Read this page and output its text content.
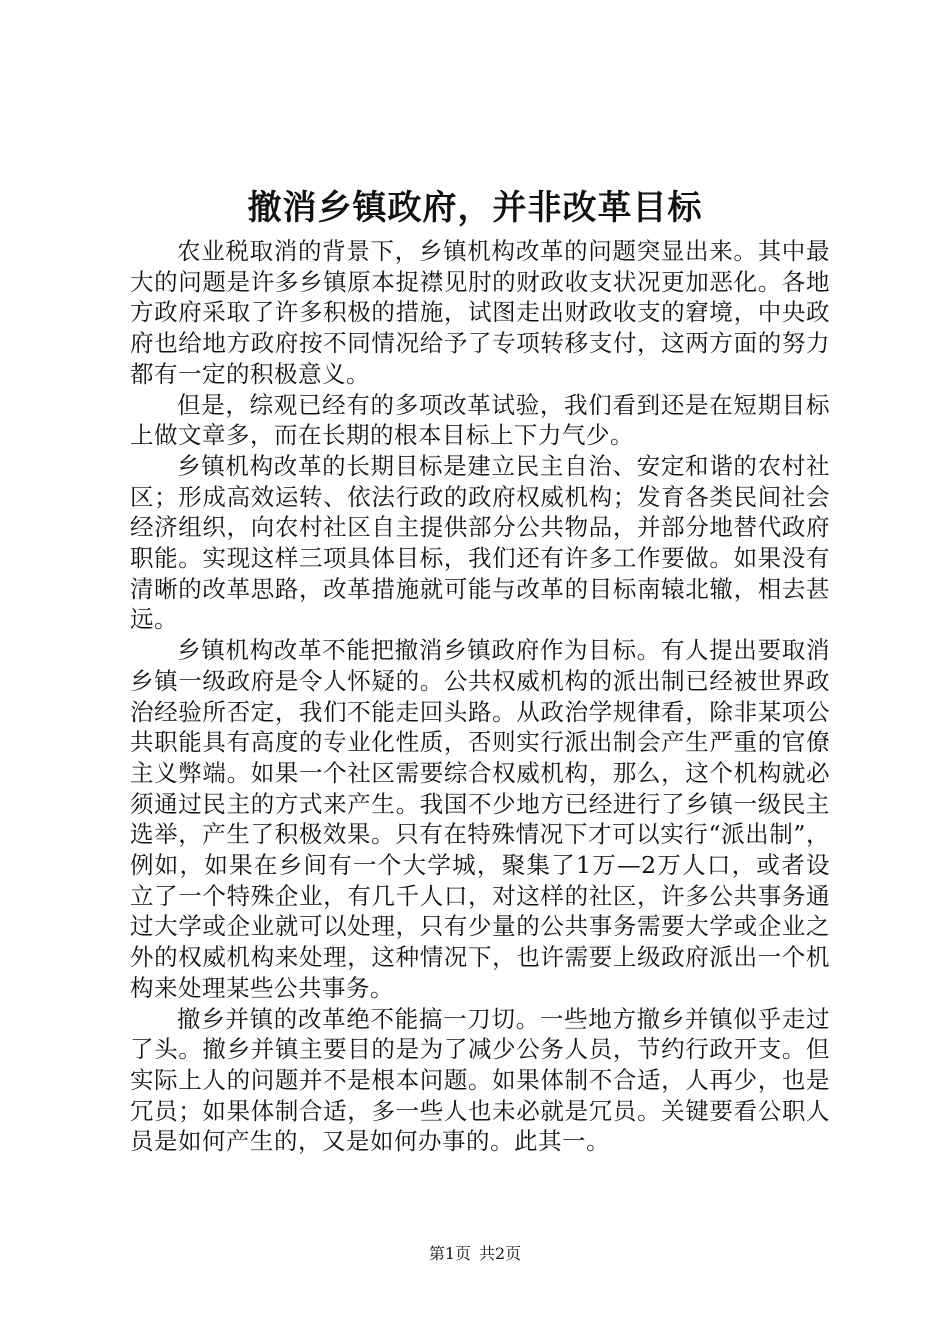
撤消乡镇政府，并非改革目标

农业税取消的背景下，乡镇机构改革的问题突显出来。其中最大的问题是许多乡镇原本捉襟见肘的财政收支状况更加恶化。各地方政府采取了许多积极的措施，试图走出财政收支的窘境，中央政府也给地方政府按不同情况给予了专项转移支付，这两方面的努力都有一定的积极意义。

但是，综观已经有的多项改革试验，我们看到还是在短期目标上做文章多，而在长期的根本目标上下力气少。

乡镇机构改革的长期目标是建立民主自治、安定和谐的农村社区；形成高效运转、依法行政的政府权威机构；发育各类民间社会经济组织，向农村社区自主提供部分公共物品，并部分地替代政府职能。实现这样三项具体目标，我们还有许多工作要做。如果没有清晰的改革思路，改革措施就可能与改革的目标南辕北辙，相去甚远。

乡镇机构改革不能把撤消乡镇政府作为目标。有人提出要取消乡镇一级政府是令人怀疑的。公共权威机构的派出制已经被世界政治经验所否定，我们不能走回头路。从政治学规律看，除非某项公共职能具有高度的专业化性质，否则实行派出制会产生严重的官僚主义弊端。如果一个社区需要综合权威机构，那么，这个机构就必须通过民主的方式来产生。我国不少地方已经进行了乡镇一级民主选举，产生了积极效果。只有在特殊情况下才可以实行“派出制”，例如，如果在乡间有一个大学城，聚集了1万—2万人口，或者设立了一个特殊企业，有几千人口，对这样的社区，许多公共事务通过大学或企业就可以处理，只有少量的公共事务需要大学或企业之外的权威机构来处理，这种情况下，也许需要上级政府派出一个机构来处理某些公共事务。

撤乡并镇的改革绝不能搞一刀切。一些地方撤乡并镇似乎走过了头。撤乡并镇主要目的是为了减少公务人员，节约行政开支。但实际上人的问题并不是根本问题。如果体制不合适，人再少，也是冗员；如果体制合适，多一些人也未必就是冗员。关键要看公职人员是如何产生的，又是如何办事的。此其一。

第1页 共2页
